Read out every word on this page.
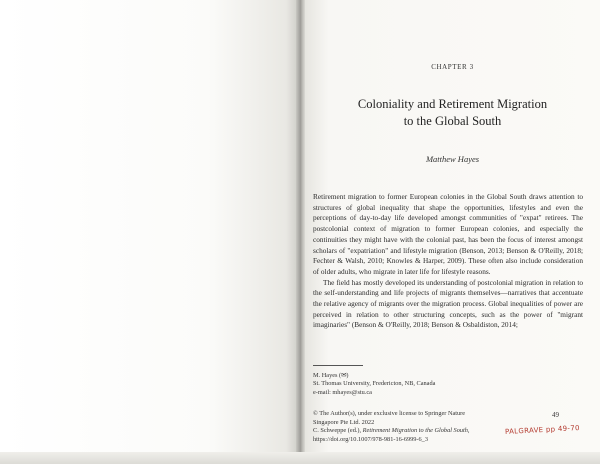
CHAPTER 3
Coloniality and Retirement Migration
to the Global South
Matthew Hayes

Retirement migration to former European colonies in the Global South draws attention to structures of global inequality that shape the opportunities, lifestyles and even the perceptions of day-to-day life developed amongst communities of "expat" retirees. The postcolonial context of migration to former European colonies, and especially the continuities they might have with the colonial past, has been the focus of interest amongst scholars of "expatriation" and lifestyle migration (Benson, 2013; Benson & O'Reilly, 2018; Fechter & Walsh, 2010; Knowles & Harper, 2009). These often also include consideration of older adults, who migrate in later life for lifestyle reasons.

The field has mostly developed its understanding of postcolonial migration in relation to the self-understanding and life projects of migrants themselves—narratives that accentuate the relative agency of migrants over the migration process. Global inequalities of power are perceived in relation to other structuring concepts, such as the power of "migrant imaginaries" (Benson & O'Reilly, 2018; Benson & Osbaldiston, 2014;

M. Hayes (✉)
St. Thomas University, Fredericton, NB, Canada
e-mail: mhayes@stu.ca
© The Author(s), under exclusive license to Springer Nature
Singapore Pte Ltd. 2022
C. Schweppe (ed.), Retirement Migration to the Global South,
https://doi.org/10.1007/978-981-16-6999-6_3
49
PALGRAVE pp 49-70
